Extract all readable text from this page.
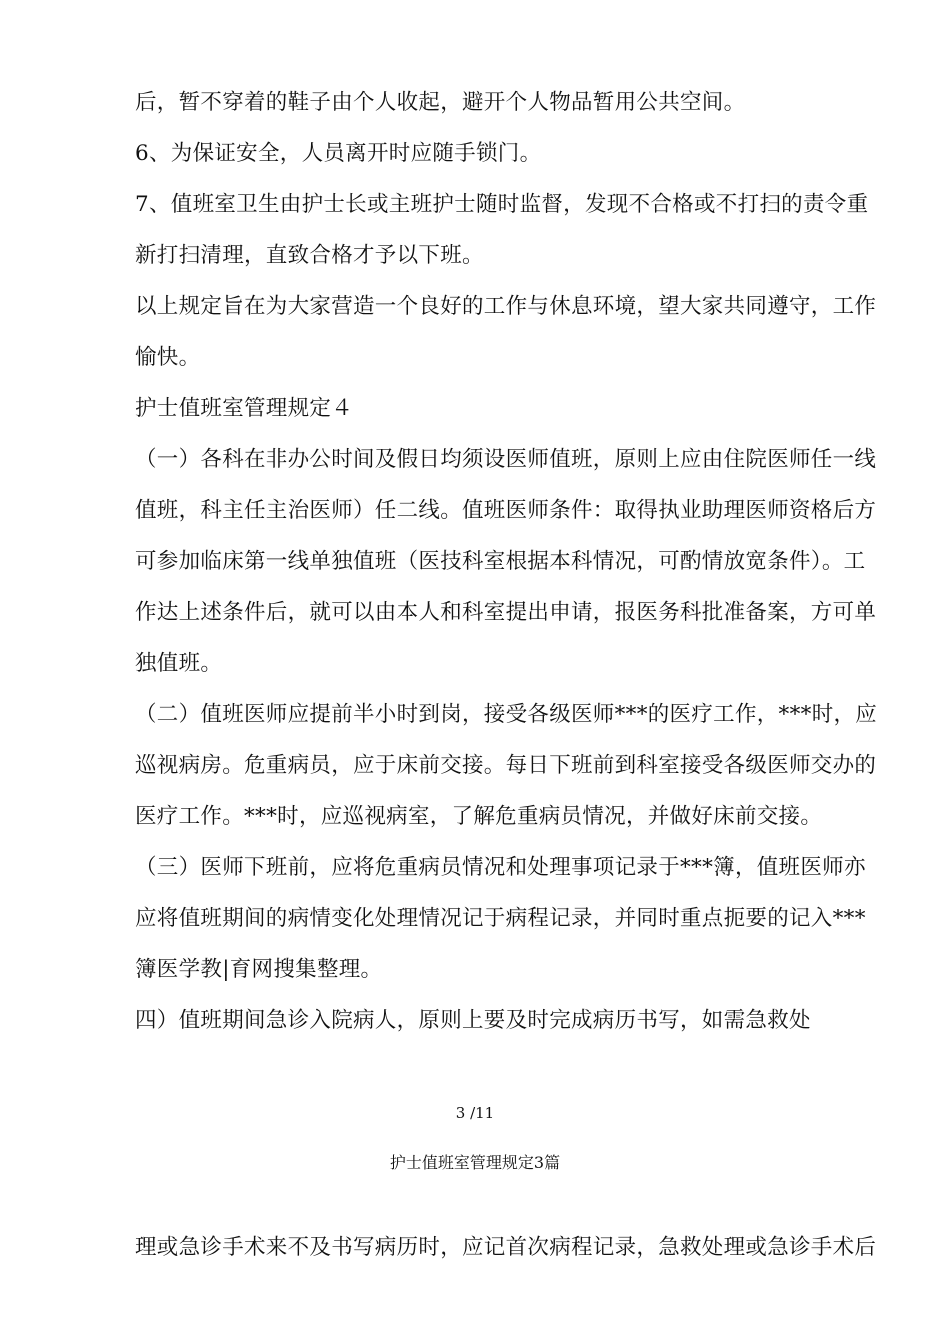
后，暂不穿着的鞋子由个人收起，避开个人物品暂用公共空间。
6、为保证安全，人员离开时应随手锁门。
7、值班室卫生由护士长或主班护士随时监督，发现不合格或不打扫的责令重
新打扫清理，直致合格才予以下班。
以上规定旨在为大家营造一个良好的工作与休息环境，望大家共同遵守，工作
愉快。
护士值班室管理规定４
（一）各科在非办公时间及假日均须设医师值班，原则上应由住院医师任一线
值班，科主任主治医师）任二线。值班医师条件：取得执业助理医师资格后方
可参加临床第一线单独值班（医技科室根据本科情况，可酌情放宽条件）。工
作达上述条件后，就可以由本人和科室提出申请，报医务科批准备案，方可单
独值班。
（二）值班医师应提前半小时到岗，接受各级医师***的医疗工作，***时，应
巡视病房。危重病员，应于床前交接。每日下班前到科室接受各级医师交办的
医疗工作。***时，应巡视病室，了解危重病员情况，并做好床前交接。
（三）医师下班前，应将危重病员情况和处理事项记录于***簿，值班医师亦
应将值班期间的病情变化处理情况记于病程记录，并同时重点扼要的记入***
簿医学教|育网搜集整理。
四）值班期间急诊入院病人，原则上要及时完成病历书写，如需急救处
3 /11
护士值班室管理规定3篇
理或急诊手术来不及书写病历时，应记首次病程记录，急救处理或急诊手术后
